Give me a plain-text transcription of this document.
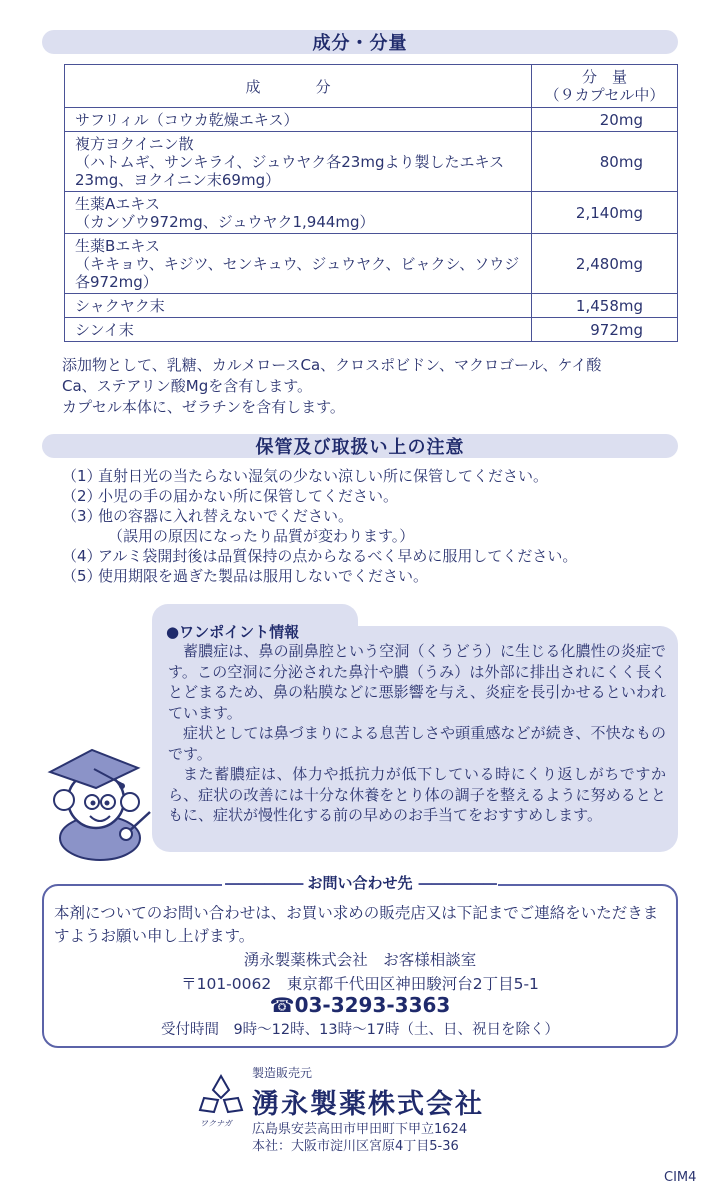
成分・分量
成　分	分　量
（９カプセル中）

サフリィル（コウカ乾燥エキス）	20mg

複方ヨクイニン散
（ハトムギ、サンキライ、ジュウヤク各23mgより製したエキス
23mg、ヨクイニン末69mg）	80mg

生薬Aエキス
（カンゾウ972mg、ジュウヤク1,944mg）	2,140mg

生薬Bエキス
（キキョウ、キジツ、センキュウ、ジュウヤク、ビャクシ、ソウジ
各972mg）	2,480mg

シャクヤク末	1,458mg

シンイ末	972mg
添加物として、乳糖、カルメロースCa、クロスポビドン、マクロゴール、ケイ酸
Ca、ステアリン酸Mgを含有します。
カプセル本体に、ゼラチンを含有します。
保管及び取扱い上の注意
（1）
直射日光の当たらない湿気の少ない涼しい所に保管してください。
（2）
小児の手の届かない所に保管してください。
（3）
他の容器に入れ替えないでください。
（誤用の原因になったり品質が変わります。）
（4）
アルミ袋開封後は品質保持の点からなるべく早めに服用してください。
（5）
使用期限を過ぎた製品は服用しないでください。
●ワンポイント情報

蓄膿症は、鼻の副鼻腔という空洞（くうどう）に生じる化膿性の炎症です。この空洞に分泌された鼻汁や膿（うみ）は外部に排出されにくく長くとどまるため、鼻の粘膜などに悪影響を与え、炎症を長引かせるといわれています。

症状としては鼻づまりによる息苦しさや頭重感などが続き、不快なものです。

また蓄膿症は、体力や抵抗力が低下している時にくり返しがちですから、症状の改善には十分な休養をとり体の調子を整えるように努めるとともに、症状が慢性化する前の早めのお手当てをおすすめします。

—————— お問い合わせ先 ——————
本剤についてのお問い合わせは、お買い求めの販売店又は下記までご連絡をいただきますようお願い申し上げます。
湧永製薬株式会社　お客様相談室
〒101-0062　東京都千代田区神田駿河台2丁目5-1
☎03-3293-3363
受付時間　9時～12時、13時～17時（土、日、祝日を除く）
ワクナガ
製造販売元
湧永製薬株式会社
広島県安芸高田市甲田町下甲立1624
本社：大阪市淀川区宮原4丁目5-36
CIM4
